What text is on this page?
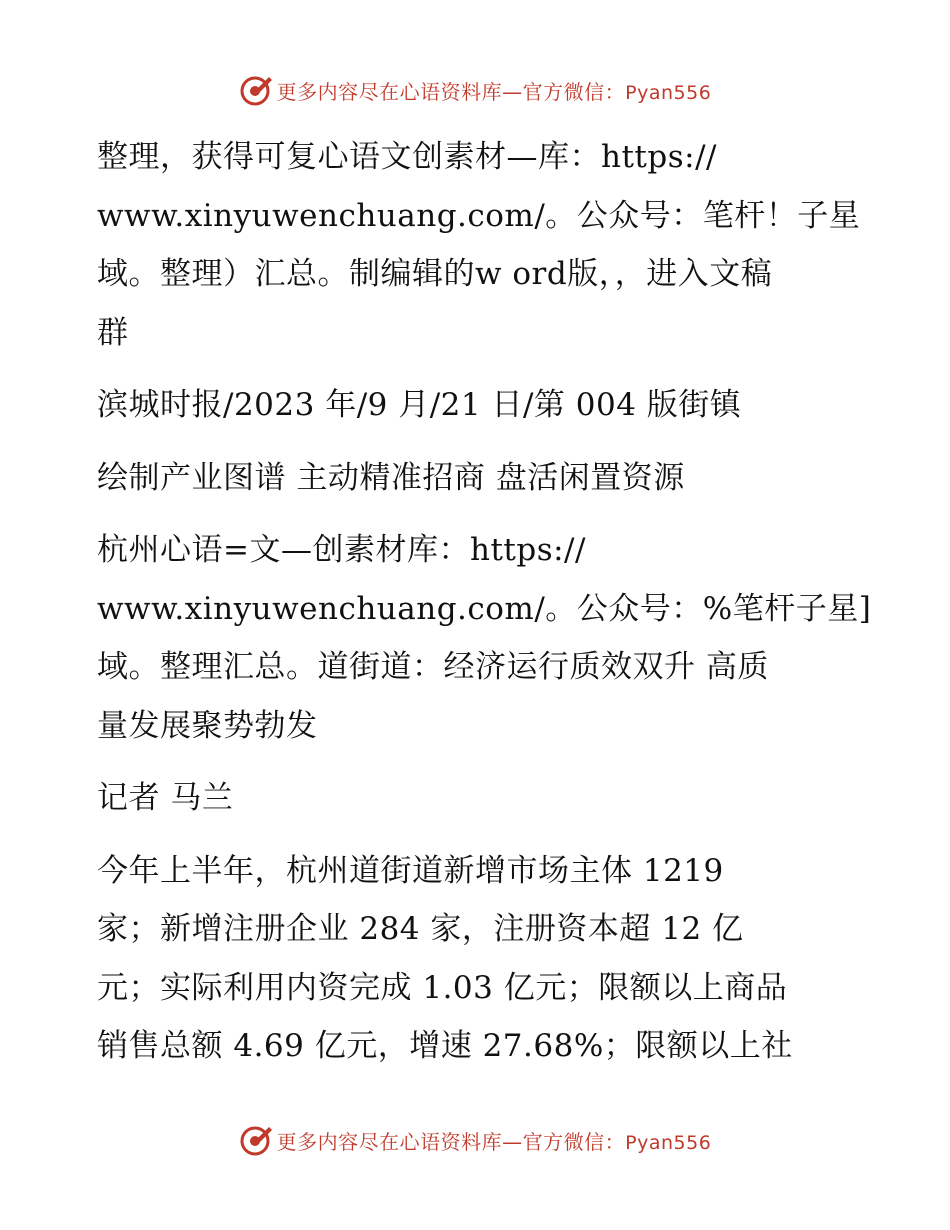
更多内容尽在心语资料库—官方微信：Pyan556

整理，获得可复心语文创素材—库：https://
www.xinyuwenchuang.com/。公众号：笔杆！子星
域。整理）汇总。制编辑的w ord版，，进入文稿
群

滨城时报/2023 年/9 月/21 日/第 004 版街镇

绘制产业图谱 主动精准招商 盘活闲置资源

杭州心语=文—创素材库：https://
www.xinyuwenchuang.com/。公众号：%笔杆子星]
域。整理汇总。道街道：经济运行质效双升 高质
量发展聚势勃发

记者 马兰

今年上半年，杭州道街道新增市场主体 1219
家；新增注册企业 284 家，注册资本超 12 亿
元；实际利用内资完成 1.03 亿元；限额以上商品
销售总额 4.69 亿元，增速 27.68%；限额以上社

更多内容尽在心语资料库—官方微信：Pyan556
